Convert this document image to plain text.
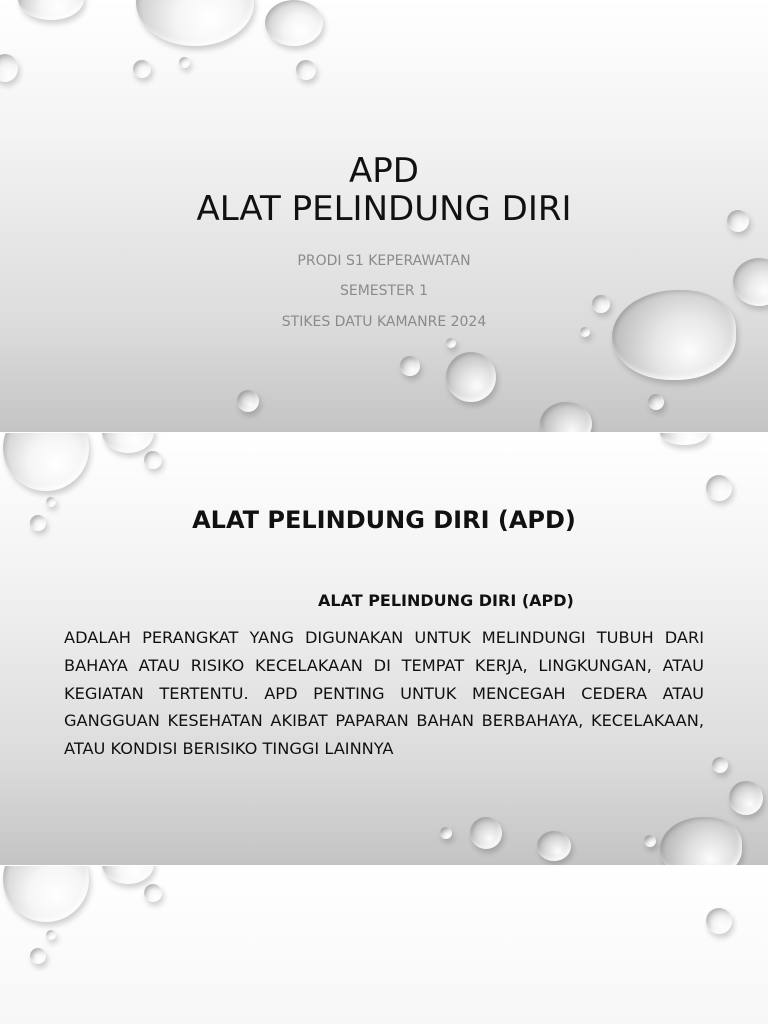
APD
ALAT PELINDUNG DIRI
PRODI S1 KEPERAWATAN
SEMESTER 1
STIKES DATU KAMANRE 2024
ALAT PELINDUNG DIRI (APD)
ALAT PELINDUNG DIRI (APD)

ADALAH PERANGKAT YANG DIGUNAKAN UNTUK MELINDUNGI TUBUH DARI BAHAYA ATAU RISIKO KECELAKAAN DI TEMPAT KERJA, LINGKUNGAN, ATAU KEGIATAN TERTENTU. APD PENTING UNTUK MENCEGAH CEDERA ATAU GANGGUAN KESEHATAN AKIBAT PAPARAN BAHAN BERBAHAYA, KECELAKAAN, ATAU KONDISI BERISIKO TINGGI LAINNYA
